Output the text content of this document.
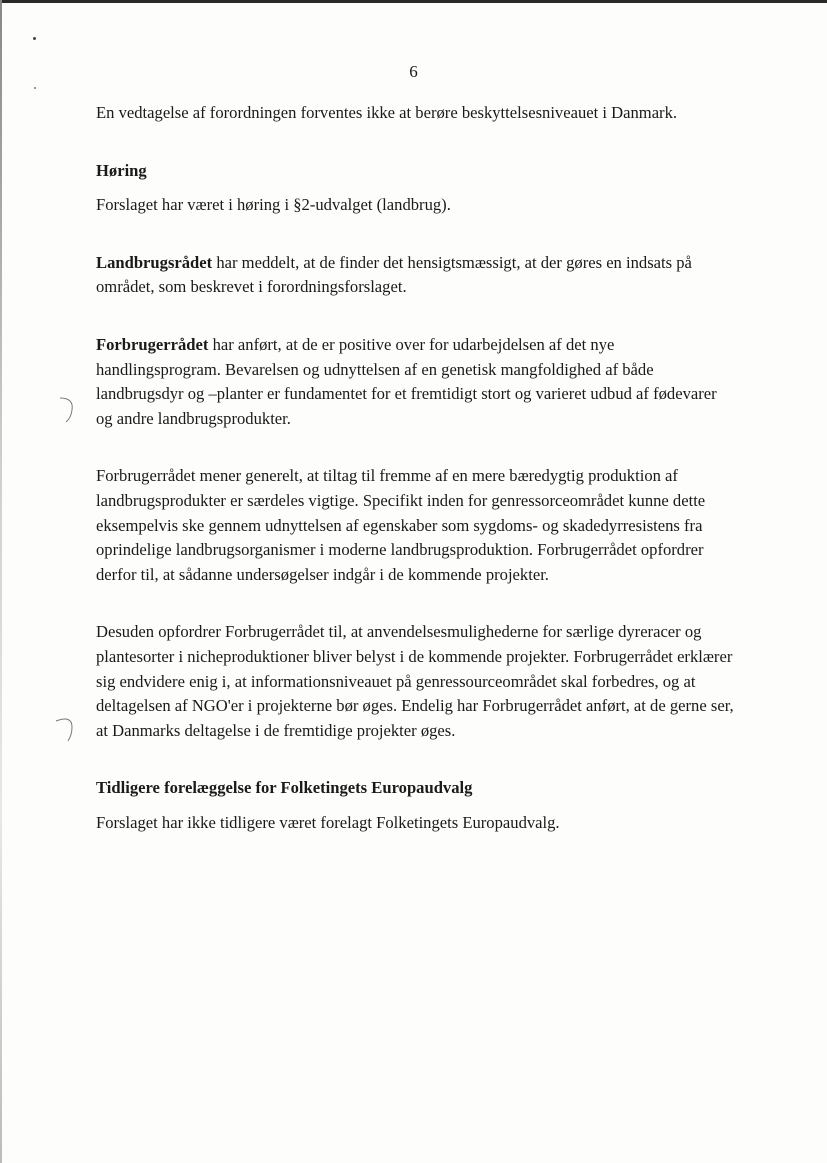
6

En vedtagelse af forordningen forventes ikke at berøre beskyttelsesniveauet i Danmark.

Høring

Forslaget har været i høring i §2-udvalget (landbrug).

Landbrugsrådet har meddelt, at de finder det hensigtsmæssigt, at der gøres en indsats på området, som beskrevet i forordningsforslaget.

Forbrugerrådet har anført, at de er positive over for udarbejdelsen af det nye handlingsprogram. Bevarelsen og udnyttelsen af en genetisk mangfoldighed af både landbrugsdyr og –planter er fundamentet for et fremtidigt stort og varieret udbud af fødevarer og andre landbrugsprodukter.

Forbrugerrådet mener generelt, at tiltag til fremme af en mere bæredygtig produktion af landbrugsprodukter er særdeles vigtige. Specifikt inden for genressorceområdet kunne dette eksempelvis ske gennem udnyttelsen af egenskaber som sygdoms- og skadedyrresistens fra oprindelige landbrugsorganismer i moderne landbrugsproduktion. Forbrugerrådet opfordrer derfor til, at sådanne undersøgelser indgår i de kommende projekter.

Desuden opfordrer Forbrugerrådet til, at anvendelsesmulighederne for særlige dyreracer og plantesorter i nicheproduktioner bliver belyst i de kommende projekter. Forbrugerrådet erklærer sig endvidere enig i, at informationsniveauet på genressourceområdet skal forbedres, og at deltagelsen af NGO'er i projekterne bør øges. Endelig har Forbrugerrådet anført, at de gerne ser, at Danmarks deltagelse i de fremtidige projekter øges.

Tidligere forelæggelse for Folketingets Europaudvalg

Forslaget har ikke tidligere været forelagt Folketingets Europaudvalg.
